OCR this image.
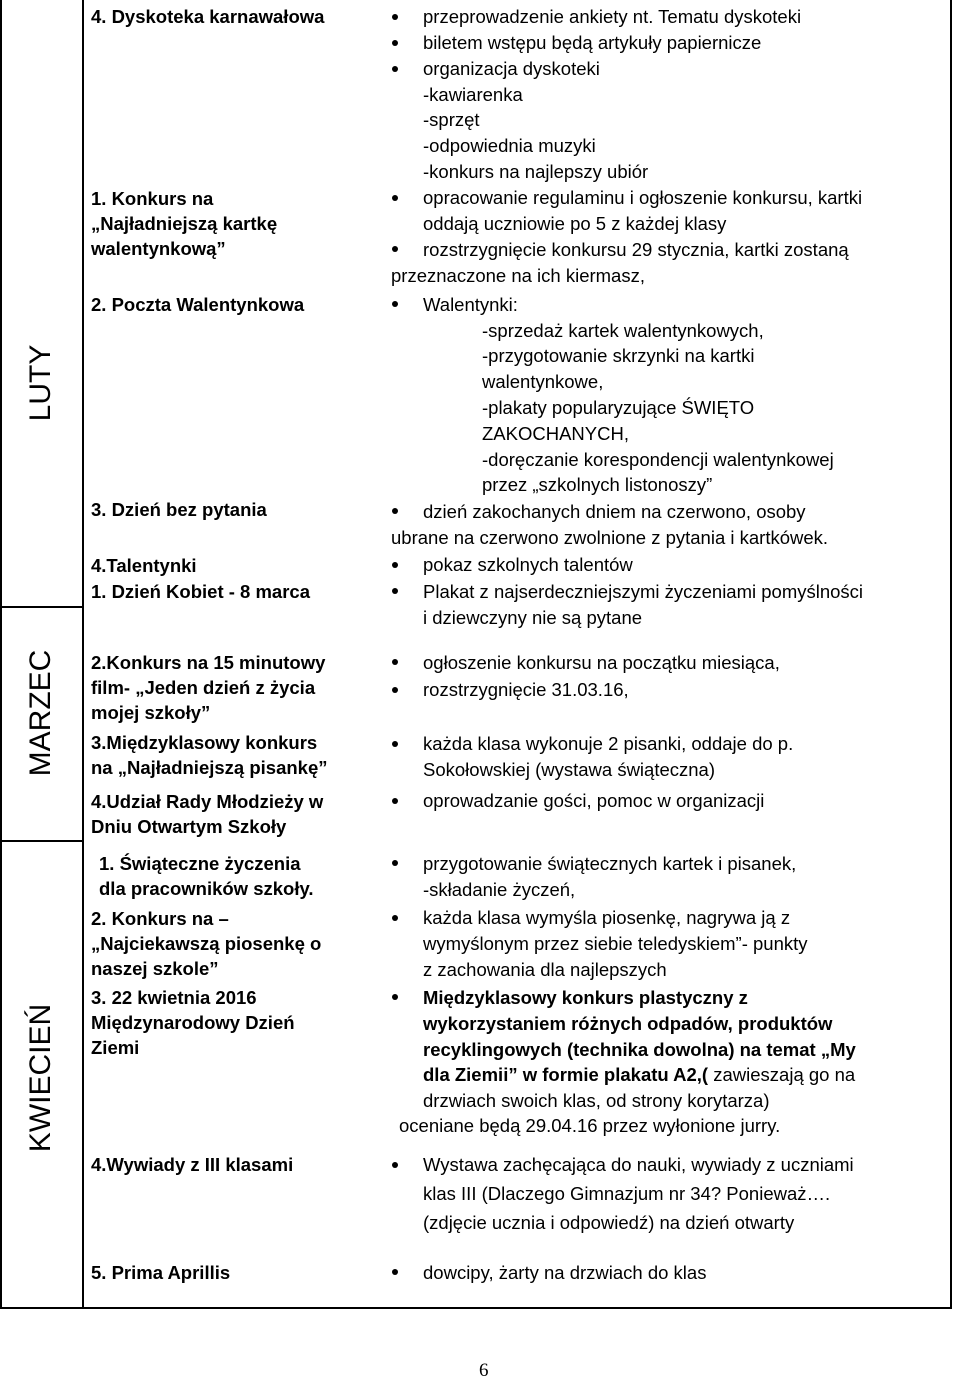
LUTY
MARZEC
KWIECIEŃ
4. Dyskoteka karnawałowa
1. Konkurs na
„Najładniejszą kartkę
walentynkową”
2. Poczta Walentynkowa
3. Dzień bez pytania
4.Talentynki
1. Dzień Kobiet - 8 marca
2.Konkurs na 15 minutowy
film- „Jeden dzień z życia
mojej szkoły”
3.Międzyklasowy konkurs
na „Najładniejszą pisankę”
4.Udział Rady Młodzieży w
Dniu Otwartym Szkoły
1. Świąteczne życzenia
dla pracowników szkoły.
2. Konkurs na –
„Najciekawszą piosenkę o
naszej szkole”
3. 22 kwietnia 2016
Międzynarodowy Dzień
Ziemi
4.Wywiady z III klasami
5. Prima Aprillis
przeprowadzenie ankiety nt. Tematu dyskoteki
biletem wstępu będą artykuły papiernicze
organizacja dyskoteki
-kawiarenka
-sprzęt
-odpowiednia muzyki
-konkurs na najlepszy ubiór
opracowanie regulaminu i ogłoszenie konkursu, kartki
oddają uczniowie po 5 z każdej klasy
rozstrzygnięcie konkursu 29 stycznia, kartki zostaną
przeznaczone na ich kiermasz,
Walentynki:
-sprzedaż kartek walentynkowych,
-przygotowanie skrzynki na kartki
walentynkowe,
-plakaty popularyzujące ŚWIĘTO
ZAKOCHANYCH,
-doręczanie korespondencji walentynkowej
przez „szkolnych listonoszy”
dzień zakochanych dniem na czerwono, osoby
ubrane na czerwono zwolnione z pytania i kartkówek.
pokaz szkolnych talentów
Plakat z najserdeczniejszymi życzeniami pomyślności
i dziewczyny nie są pytane
ogłoszenie konkursu na początku miesiąca,
rozstrzygnięcie 31.03.16,
każda klasa wykonuje 2 pisanki, oddaje do p.
Sokołowskiej (wystawa świąteczna)
oprowadzanie gości, pomoc w organizacji
przygotowanie świątecznych kartek i pisanek,
-składanie życzeń,
każda klasa wymyśla piosenkę, nagrywa ją z
wymyślonym przez siebie teledyskiem”- punkty
z zachowania dla najlepszych
Międzyklasowy konkurs plastyczny z
wykorzystaniem różnych odpadów, produktów
recyklingowych (technika dowolna) na temat „My
dla Ziemii” w formie plakatu A2,( zawieszają go na
drzwiach swoich klas, od strony korytarza)
oceniane będą 29.04.16 przez wyłonione jurry.
Wystawa zachęcająca do nauki, wywiady z uczniami
klas III (Dlaczego Gimnazjum nr 34? Ponieważ….
(zdjęcie ucznia i odpowiedź) na dzień otwarty
dowcipy, żarty na drzwiach do klas
6
